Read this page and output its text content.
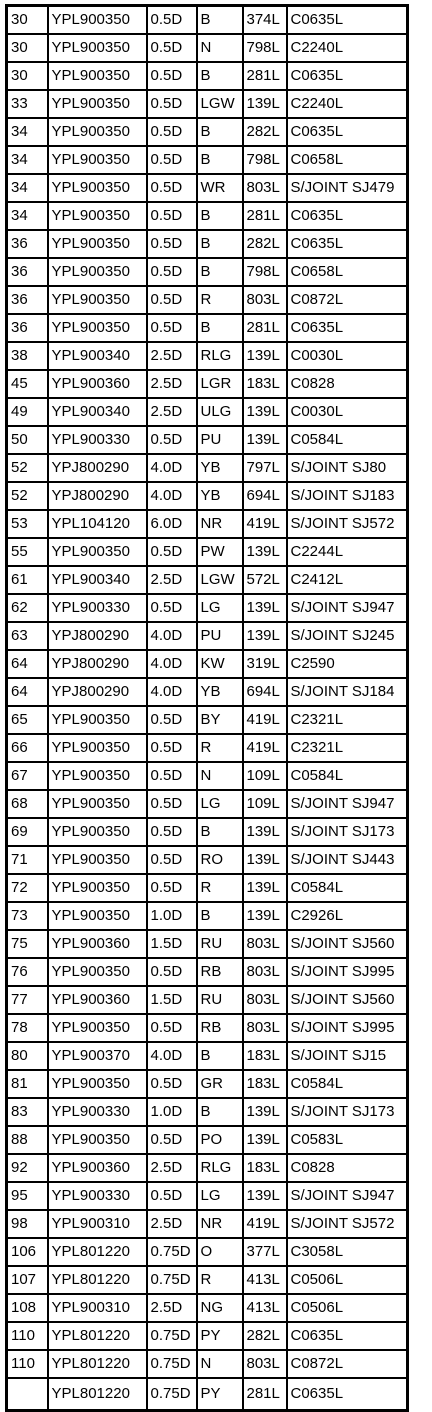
30	YPL900350	0.5D	B	374L	C0635L
30	YPL900350	0.5D	N	798L	C2240L
30	YPL900350	0.5D	B	281L	C0635L
33	YPL900350	0.5D	LGW	139L	C2240L
34	YPL900350	0.5D	B	282L	C0635L
34	YPL900350	0.5D	B	798L	C0658L
34	YPL900350	0.5D	WR	803L	S/JOINT SJ479
34	YPL900350	0.5D	B	281L	C0635L
36	YPL900350	0.5D	B	282L	C0635L
36	YPL900350	0.5D	B	798L	C0658L
36	YPL900350	0.5D	R	803L	C0872L
36	YPL900350	0.5D	B	281L	C0635L
38	YPL900340	2.5D	RLG	139L	C0030L
45	YPL900360	2.5D	LGR	183L	C0828
49	YPL900340	2.5D	ULG	139L	C0030L
50	YPL900330	0.5D	PU	139L	C0584L
52	YPJ800290	4.0D	YB	797L	S/JOINT SJ80
52	YPJ800290	4.0D	YB	694L	S/JOINT SJ183
53	YPL104120	6.0D	NR	419L	S/JOINT SJ572
55	YPL900350	0.5D	PW	139L	C2244L
61	YPL900340	2.5D	LGW	572L	C2412L
62	YPL900330	0.5D	LG	139L	S/JOINT SJ947
63	YPJ800290	4.0D	PU	139L	S/JOINT SJ245
64	YPJ800290	4.0D	KW	319L	C2590
64	YPJ800290	4.0D	YB	694L	S/JOINT SJ184
65	YPL900350	0.5D	BY	419L	C2321L
66	YPL900350	0.5D	R	419L	C2321L
67	YPL900350	0.5D	N	109L	C0584L
68	YPL900350	0.5D	LG	109L	S/JOINT SJ947
69	YPL900350	0.5D	B	139L	S/JOINT SJ173
71	YPL900350	0.5D	RO	139L	S/JOINT SJ443
72	YPL900350	0.5D	R	139L	C0584L
73	YPL900350	1.0D	B	139L	C2926L
75	YPL900360	1.5D	RU	803L	S/JOINT SJ560
76	YPL900350	0.5D	RB	803L	S/JOINT SJ995
77	YPL900360	1.5D	RU	803L	S/JOINT SJ560
78	YPL900350	0.5D	RB	803L	S/JOINT SJ995
80	YPL900370	4.0D	B	183L	S/JOINT SJ15
81	YPL900350	0.5D	GR	183L	C0584L
83	YPL900330	1.0D	B	139L	S/JOINT SJ173
88	YPL900350	0.5D	PO	139L	C0583L
92	YPL900360	2.5D	RLG	183L	C0828
95	YPL900330	0.5D	LG	139L	S/JOINT SJ947
98	YPL900310	2.5D	NR	419L	S/JOINT SJ572
106	YPL801220	0.75D	O	377L	C3058L
107	YPL801220	0.75D	R	413L	C0506L
108	YPL900310	2.5D	NG	413L	C0506L
110	YPL801220	0.75D	PY	282L	C0635L
110	YPL801220	0.75D	N	803L	C0872L
	YPL801220	0.75D	PY	281L	C0635L
